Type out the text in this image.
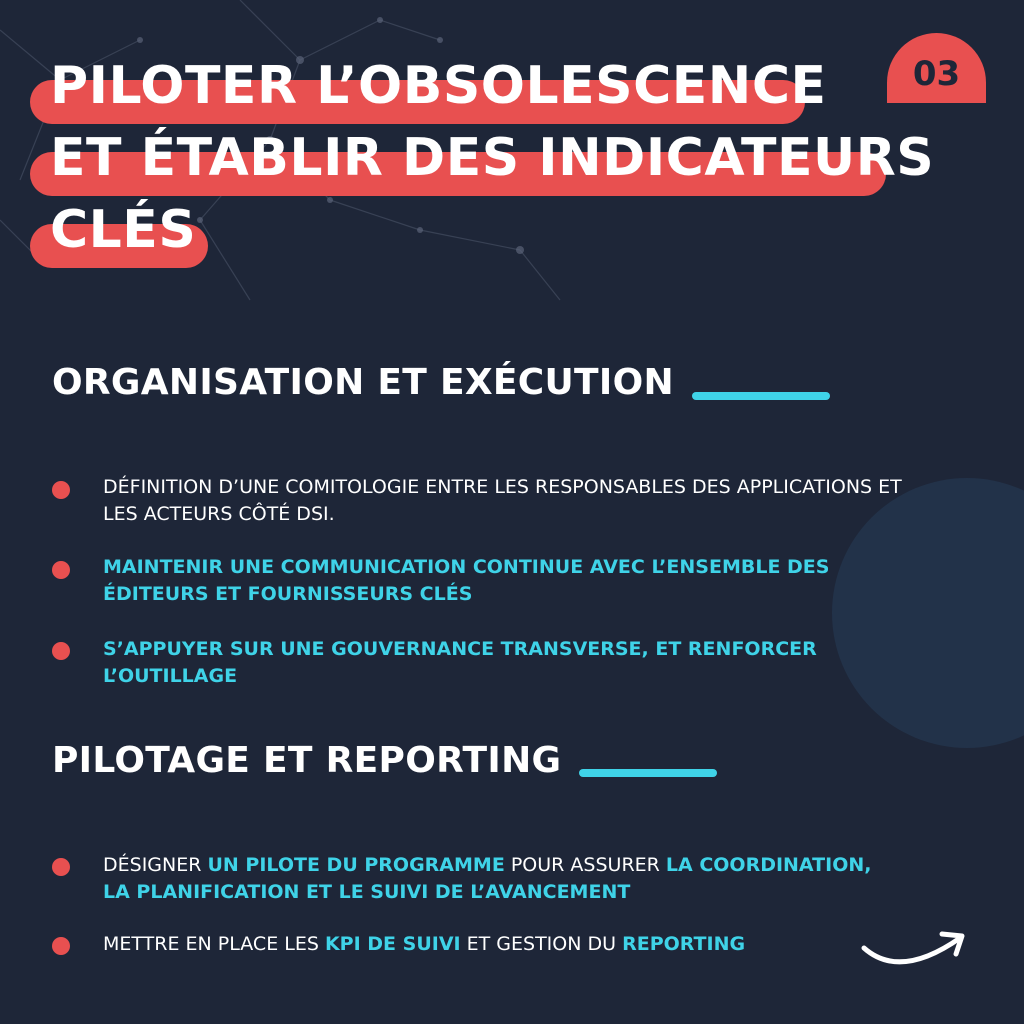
03

PILOTER L’OBSOLESCENCE

ET ÉTABLIR DES INDICATEURS

CLÉS

ORGANISATION ET EXÉCUTION

DÉFINITION D’UNE COMITOLOGIE ENTRE LES RESPONSABLES DES APPLICATIONS ET LES ACTEURS CÔTÉ DSI.

MAINTENIR UNE COMMUNICATION CONTINUE AVEC L’ENSEMBLE DES ÉDITEURS ET FOURNISSEURS CLÉS

S’APPUYER SUR UNE GOUVERNANCE TRANSVERSE, ET RENFORCER L’OUTILLAGE

PILOTAGE ET REPORTING

DÉSIGNER UN PILOTE DU PROGRAMME POUR ASSURER LA COORDINATION, LA PLANIFICATION ET LE SUIVI DE L’AVANCEMENT

METTRE EN PLACE LES KPI DE SUIVI ET GESTION DU REPORTING
